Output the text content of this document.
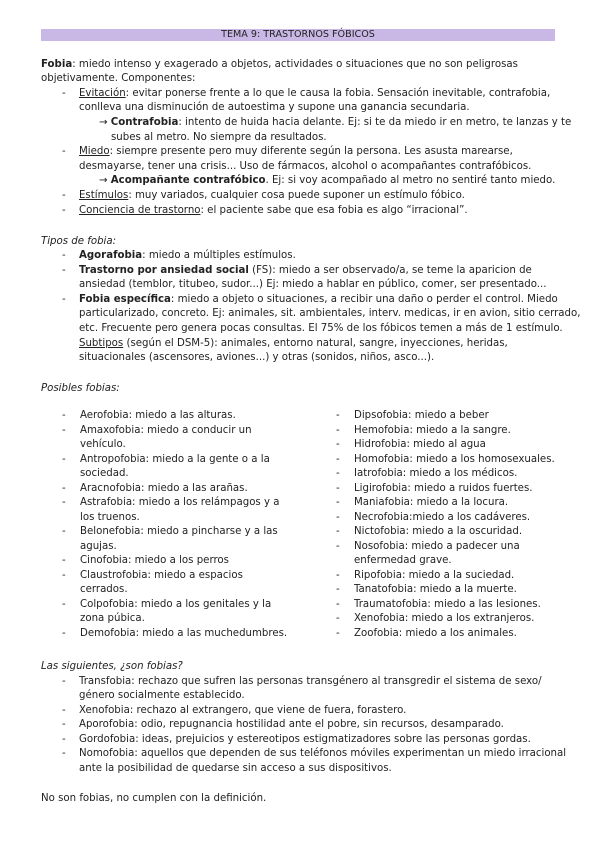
TEMA 9: TRASTORNOS FÓBICOS
Fobia: miedo intenso y exagerado a objetos, actividades o situaciones que no son peligrosas
objetivamente. Componentes:
- Evitación: evitar ponerse frente a lo que le causa la fobia. Sensación inevitable, contrafobia,
conlleva una disminución de autoestima y supone una ganancia secundaria.
→ Contrafobia: intento de huida hacia delante. Ej: si te da miedo ir en metro, te lanzas y te
subes al metro. No siempre da resultados.
- Miedo: siempre presente pero muy diferente según la persona. Les asusta marearse,
desmayarse, tener una crisis... Uso de fármacos, alcohol o acompañantes contrafóbicos.
→ Acompañante contrafóbico. Ej: si voy acompañado al metro no sentiré tanto miedo.
- Estímulos: muy variados, cualquier cosa puede suponer un estímulo fóbico.
- Conciencia de trastorno: el paciente sabe que esa fobia es algo “irracional”.
Tipos de fobia:
- Agorafobia: miedo a múltiples estímulos.
- Trastorno por ansiedad social (FS): miedo a ser observado/a, se teme la aparicion de
ansiedad (temblor, titubeo, sudor...) Ej: miedo a hablar en público, comer, ser presentado...
- Fobia específica: miedo a objeto o situaciones, a recibir una daño o perder el control. Miedo
particularizado, concreto. Ej: animales, sit. ambientales, interv. medicas, ir en avion, sitio cerrado,
etc. Frecuente pero genera pocas consultas. El 75% de los fóbicos temen a más de 1 estímulo.
Subtipos (según el DSM-5): animales, entorno natural, sangre, inyecciones, heridas,
situacionales (ascensores, aviones...) y otras (sonidos, niños, asco...).
Posibles fobias:
- Aerofobia: miedo a las alturas.
- Amaxofobia: miedo a conducir un
vehículo.
- Antropofobia: miedo a la gente o a la
sociedad.
- Aracnofobia: miedo a las arañas.
- Astrafobia: miedo a los relámpagos y a
los truenos.
- Belonefobia: miedo a pincharse y a las
agujas.
- Cinofobia: miedo a los perros
- Claustrofobia: miedo a espacios
cerrados.
- Colpofobia: miedo a los genitales y la
zona púbica.
- Demofobia: miedo a las muchedumbres.
- Dipsofobia: miedo a beber
- Hemofobia: miedo a la sangre.
- Hidrofobia: miedo al agua
- Homofobia: miedo a los homosexuales.
- Iatrofobia: miedo a los médicos.
- Ligirofobia: miedo a ruidos fuertes.
- Maniafobia: miedo a la locura.
- Necrofobia:miedo a los cadáveres.
- Nictofobia: miedo a la oscuridad.
- Nosofobia: miedo a padecer una
enfermedad grave.
- Ripofobia: miedo a la suciedad.
- Tanatofobia: miedo a la muerte.
- Traumatofobia: miedo a las lesiones.
- Xenofobia: miedo a los extranjeros.
- Zoofobia: miedo a los animales.
Las siguientes, ¿son fobias?
- Transfobia: rechazo que sufren las personas transgénero al transgredir el sistema de sexo/
género socialmente establecido.
- Xenofobia: rechazo al extrangero, que viene de fuera, forastero.
- Aporofobia: odio, repugnancia hostilidad ante el pobre, sin recursos, desamparado.
- Gordofobia: ideas, prejuicios y estereotipos estigmatizadores sobre las personas gordas.
- Nomofobia: aquellos que dependen de sus teléfonos móviles experimentan un miedo irracional
ante la posibilidad de quedarse sin acceso a sus dispositivos.
No son fobias, no cumplen con la definición.
